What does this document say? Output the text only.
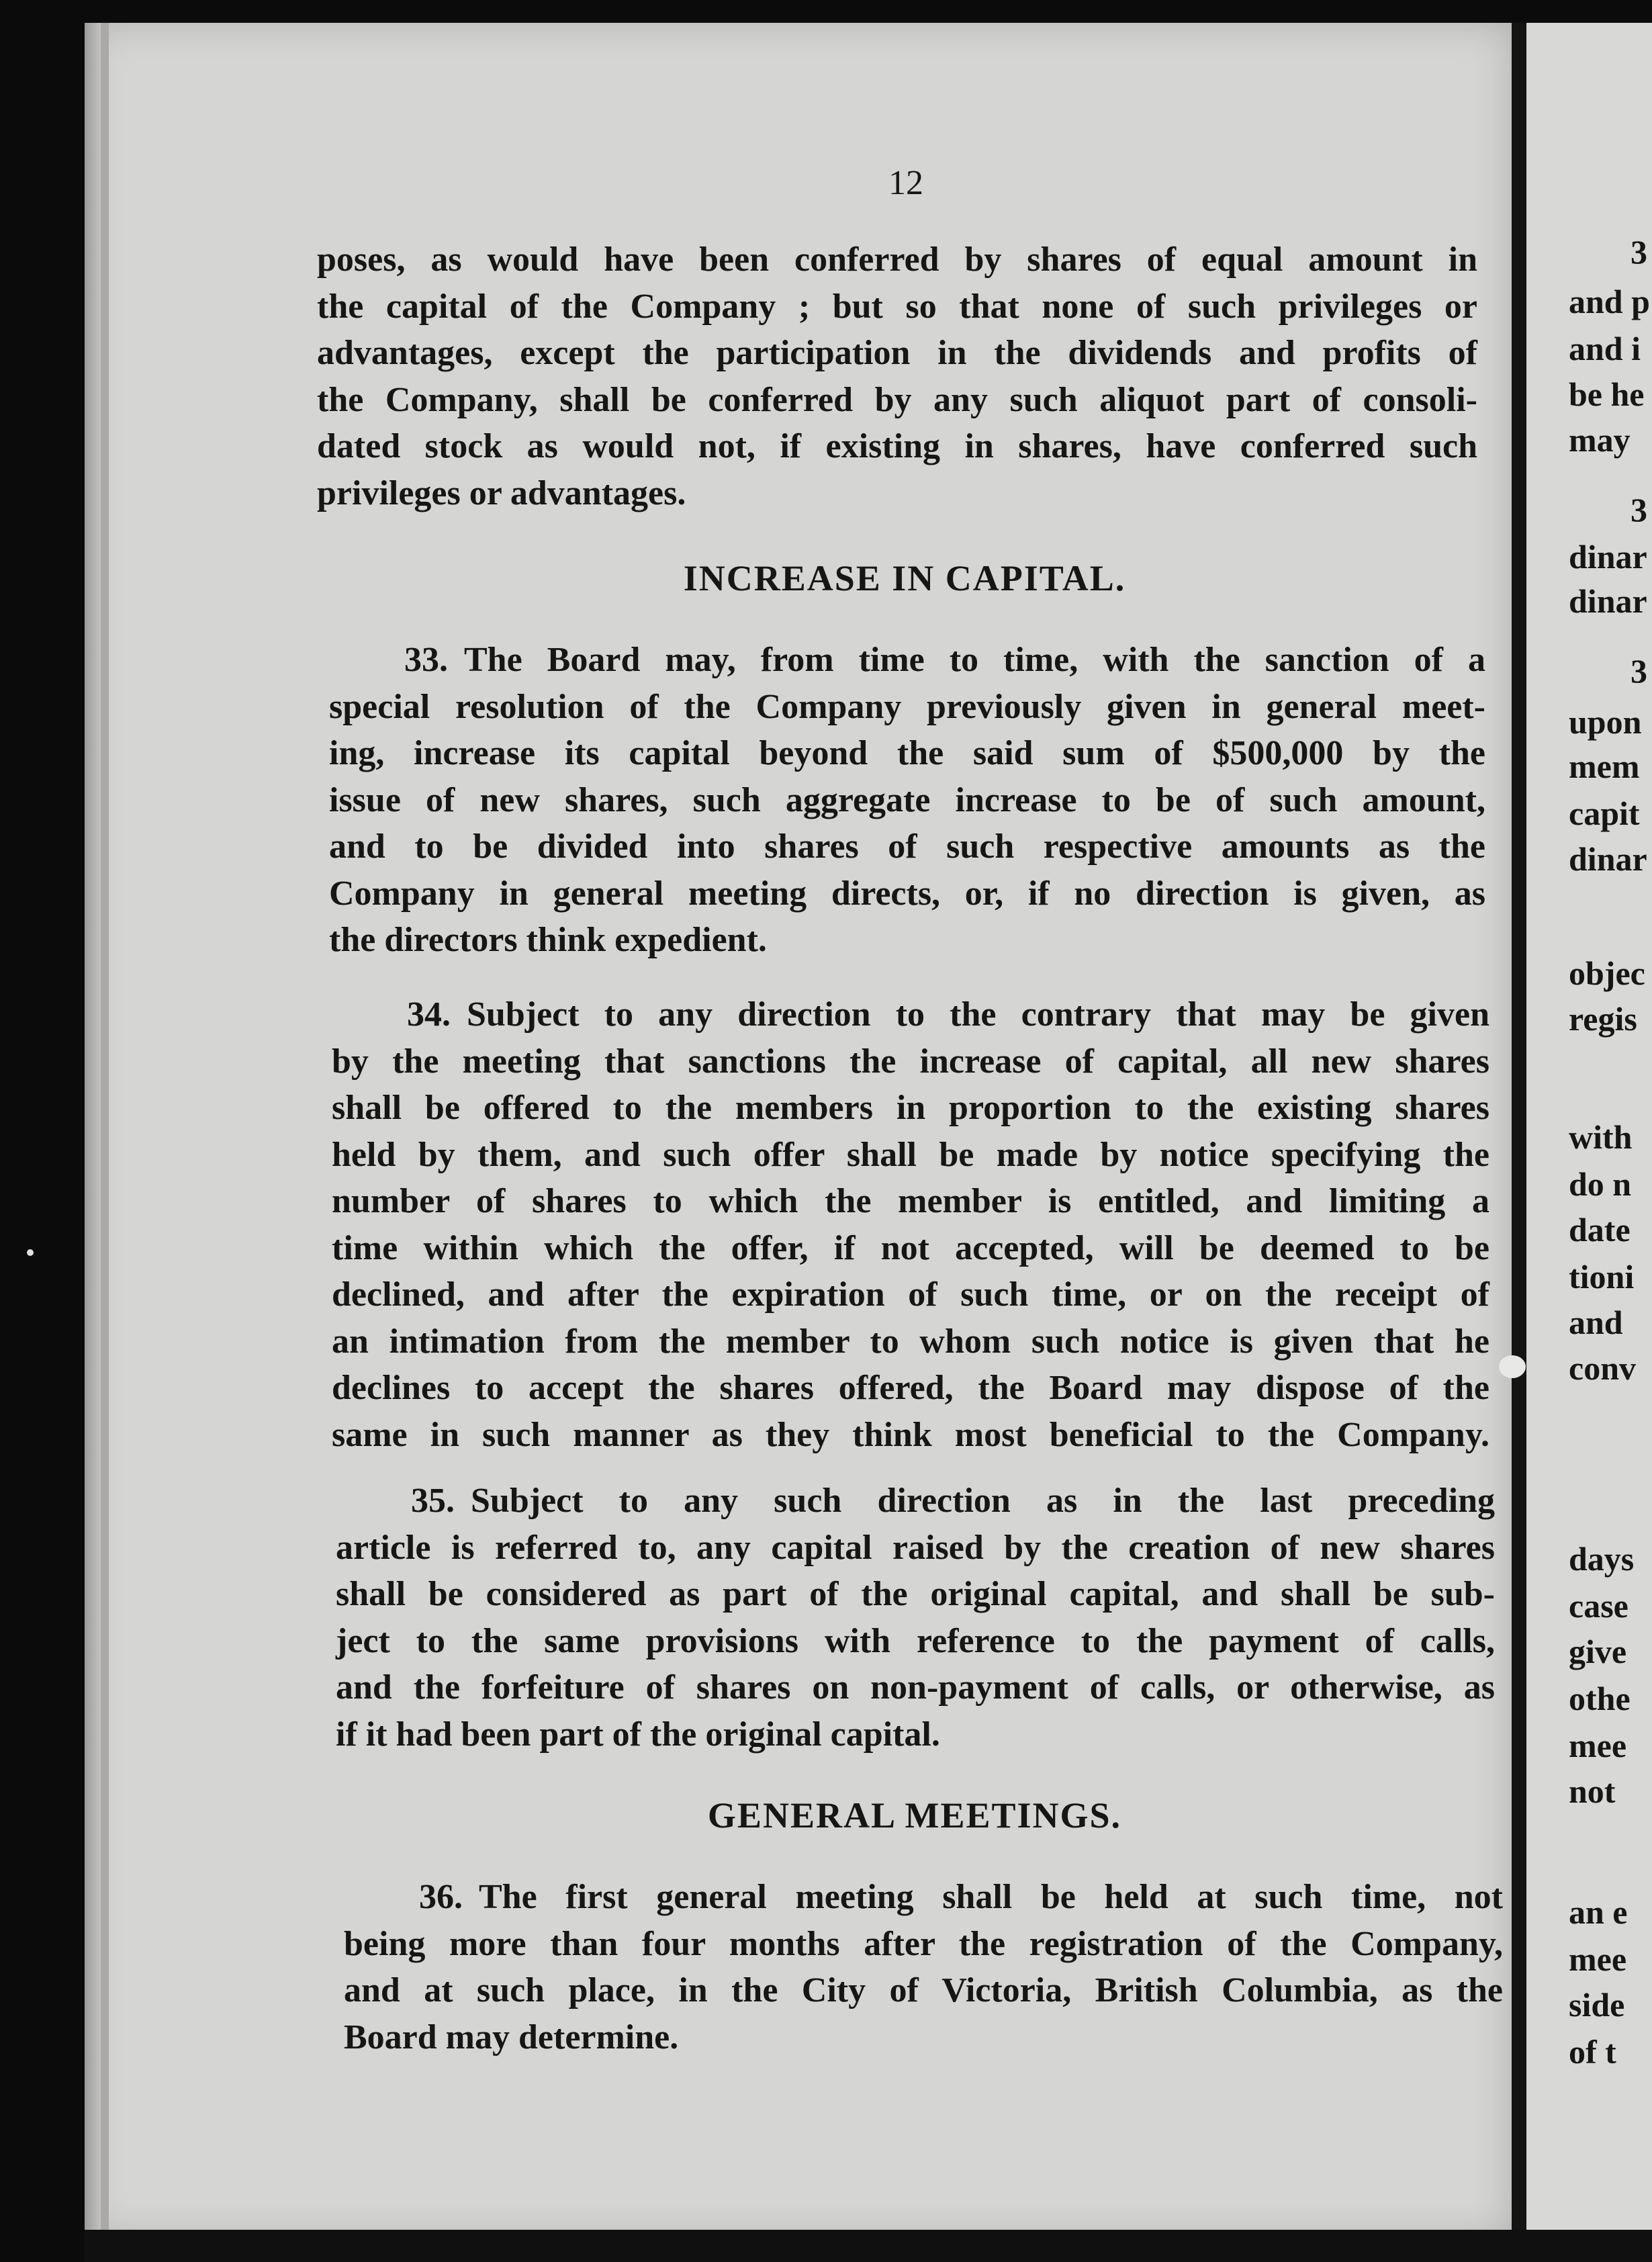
12
poses, as would have been conferred by shares of equal amount in
the capital of the Company ; but so that none of such privileges or
advantages, except the participation in the dividends and profits of
the Company, shall be conferred by any such aliquot part of consoli-
dated stock as would not, if existing in shares, have conferred such
privileges or advantages.
INCREASE IN CAPITAL.
33. The Board may, from time to time, with the sanction of a
special resolution of the Company previously given in general meet-
ing, increase its capital beyond the said sum of $500,000 by the
issue of new shares, such aggregate increase to be of such amount,
and to be divided into shares of such respective amounts as the
Company in general meeting directs, or, if no direction is given, as
the directors think expedient.
34. Subject to any direction to the contrary that may be given
by the meeting that sanctions the increase of capital, all new shares
shall be offered to the members in proportion to the existing shares
held by them, and such offer shall be made by notice specifying the
number of shares to which the member is entitled, and limiting a
time within which the offer, if not accepted, will be deemed to be
declined, and after the expiration of such time, or on the receipt of
an intimation from the member to whom such notice is given that he
declines to accept the shares offered, the Board may dispose of the
same in such manner as they think most beneficial to the Company.
35. Subject to any such direction as in the last preceding
article is referred to, any capital raised by the creation of new shares
shall be considered as part of the original capital, and shall be sub-
ject to the same provisions with reference to the payment of calls,
and the forfeiture of shares on non-payment of calls, or otherwise, as
if it had been part of the original capital.
GENERAL MEETINGS.
36. The first general meeting shall be held at such time, not
being more than four months after the registration of the Company,
and at such place, in the City of Victoria, British Columbia, as the
Board may determine.
3
and p
and i
be he
may
3
dinar
dinar
3
upon
mem
capit
dinar
objec
regis
with
do n
date
tioni
and
conv
days
case
give
othe
mee
not
an e
mee
side
of t
